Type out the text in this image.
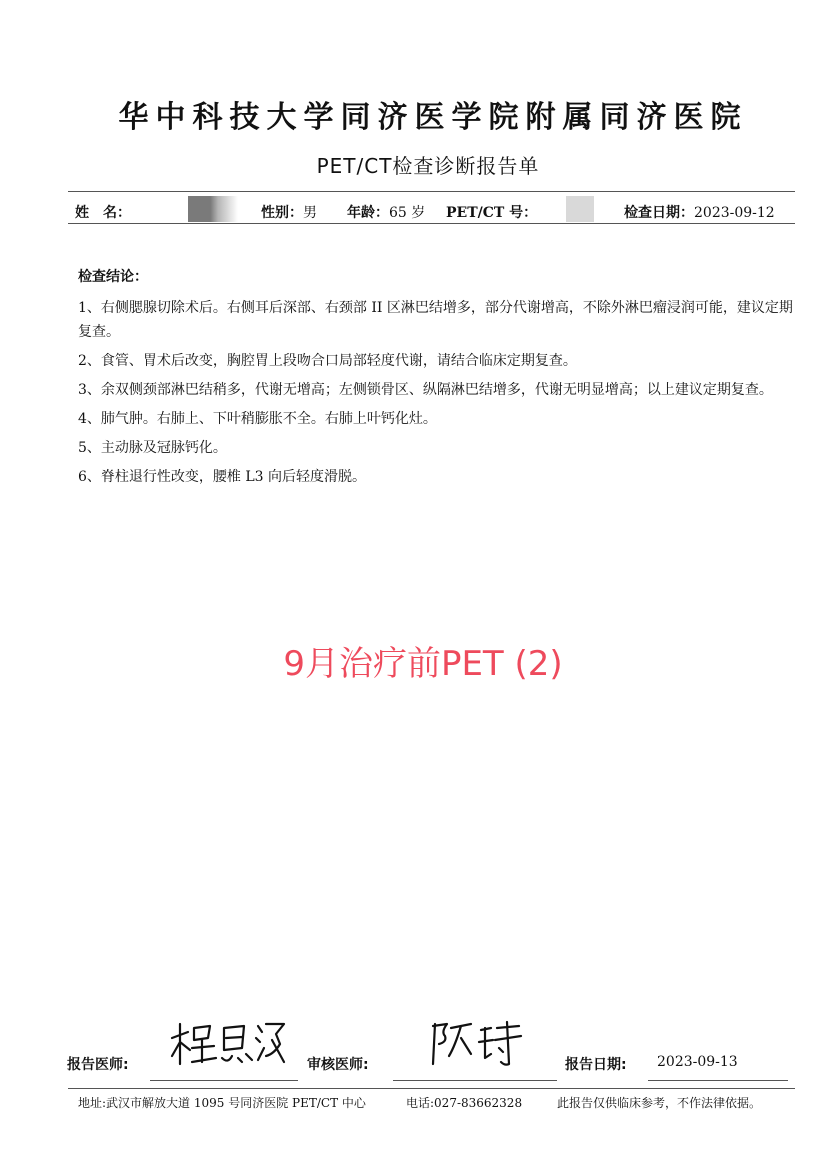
华中科技大学同济医学院附属同济医院
PET/CT检查诊断报告单
姓　名：	性别：男 年龄：65 岁 PET/CT 号：	检查日期：2023-09-12
检查结论：

1、右侧腮腺切除术后。右侧耳后深部、右颈部 II 区淋巴结增多，部分代谢增高，不除外淋巴瘤浸润可能，建议定期复查。

2、食管、胃术后改变，胸腔胃上段吻合口局部轻度代谢，请结合临床定期复查。

3、余双侧颈部淋巴结稍多，代谢无增高；左侧锁骨区、纵隔淋巴结增多，代谢无明显增高；以上建议定期复查。

4、肺气肿。右肺上、下叶稍膨胀不全。右肺上叶钙化灶。

5、主动脉及冠脉钙化。

6、脊柱退行性改变，腰椎 L3 向后轻度滑脱。

9月治疗前PET (2)
报告医师:	审核医师:	报告日期: 2023-09-13
地址:武汉市解放大道 1095 号同济医院 PET/CT 中心	电话:027-83662328	此报告仅供临床参考，不作法律依据。
